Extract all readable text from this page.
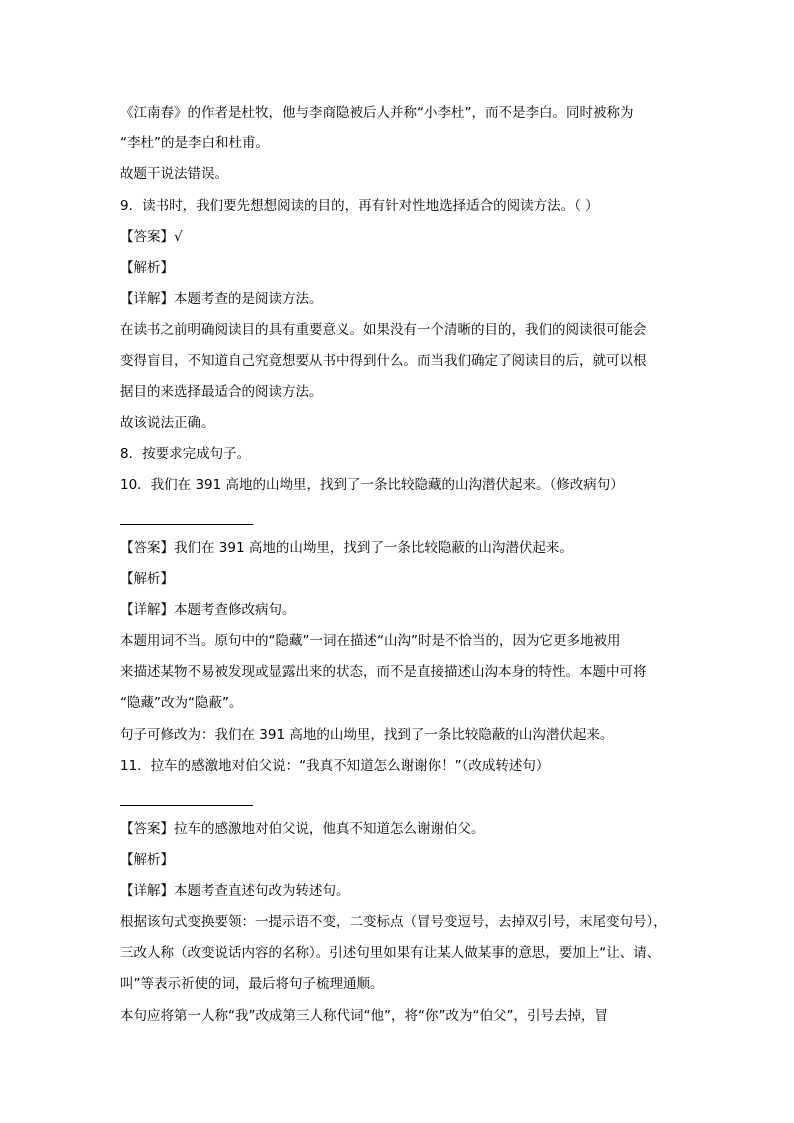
《江南春》的作者是杜牧，他与李商隐被后人并称“小李杜”，而不是李白。同时被称为
“李杜”的是李白和杜甫。
故题干说法错误。
9．读书时，我们要先想想阅读的目的，再有针对性地选择适合的阅读方法。（ ）
【答案】√
【解析】
【详解】本题考查的是阅读方法。
在读书之前明确阅读目的具有重要意义。如果没有一个清晰的目的，我们的阅读很可能会
变得盲目，不知道自己究竟想要从书中得到什么。而当我们确定了阅读目的后，就可以根
据目的来选择最适合的阅读方法。
故该说法正确。
8．按要求完成句子。
10．我们在 391 高地的山坳里，找到了一条比较隐藏的山沟潜伏起来。（修改病句）
【答案】我们在 391 高地的山坳里，找到了一条比较隐蔽的山沟潜伏起来。
【解析】
【详解】本题考查修改病句。
本题用词不当。原句中的“隐藏”一词在描述“山沟”时是不恰当的，因为它更多地被用
来描述某物不易被发现或显露出来的状态，而不是直接描述山沟本身的特性。本题中可将
“隐藏”改为“隐蔽”。
句子可修改为：我们在 391 高地的山坳里，找到了一条比较隐蔽的山沟潜伏起来。
11．拉车的感激地对伯父说：“我真不知道怎么谢谢你！”（改成转述句）
【答案】拉车的感激地对伯父说，他真不知道怎么谢谢伯父。
【解析】
【详解】本题考查直述句改为转述句。
根据该句式变换要领：一提示语不变，二变标点（冒号变逗号，去掉双引号，末尾变句号），
三改人称（改变说话内容的名称）。引述句里如果有让某人做某事的意思，要加上“让、请、
叫”等表示祈使的词，最后将句子梳理通顺。
本句应将第一人称“我”改成第三人称代词“他”，将“你”改为“伯父”，引号去掉，冒
